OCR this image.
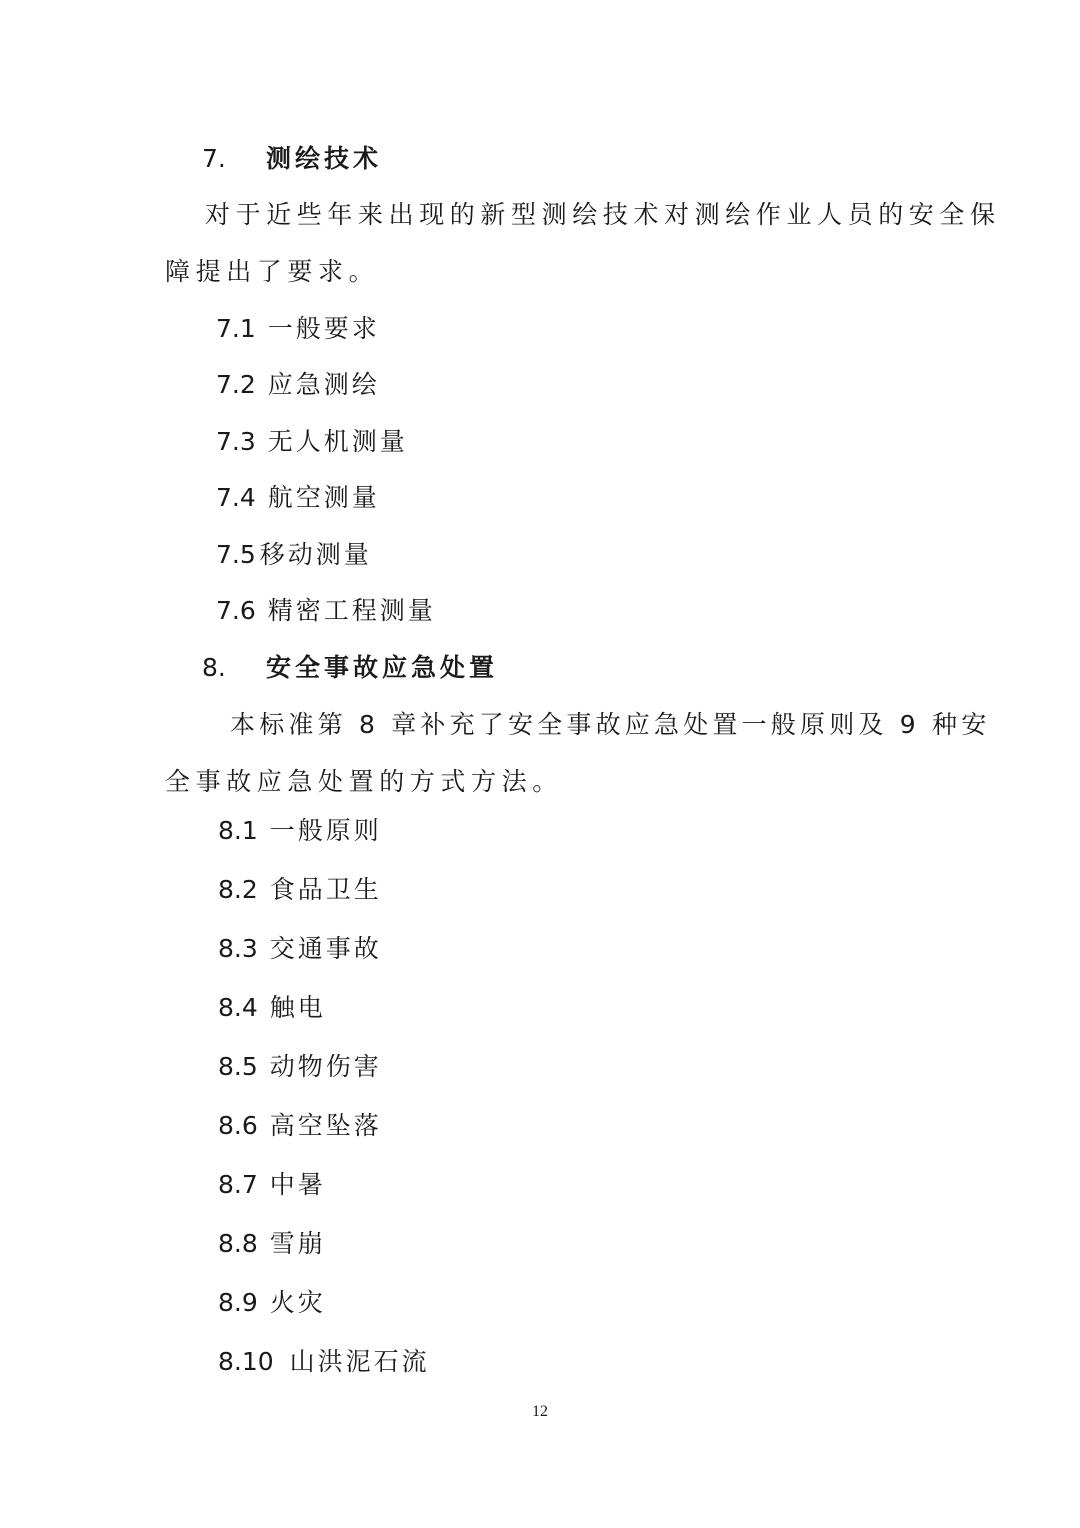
7. 测绘技术
对于近些年来出现的新型测绘技术对测绘作业人员的安全保
障提出了要求。
7.1 一般要求
7.2 应急测绘
7.3 无人机测量
7.4 航空测量
7.5 移动测量
7.6 精密工程测量
8. 安全事故应急处置
本标准第 8 章补充了安全事故应急处置一般原则及 9 种安
全事故应急处置的方式方法。
8.1 一般原则
8.2 食品卫生
8.3 交通事故
8.4 触电
8.5 动物伤害
8.6 高空坠落
8.7 中暑
8.8 雪崩
8.9 火灾
8.10 山洪泥石流
12
